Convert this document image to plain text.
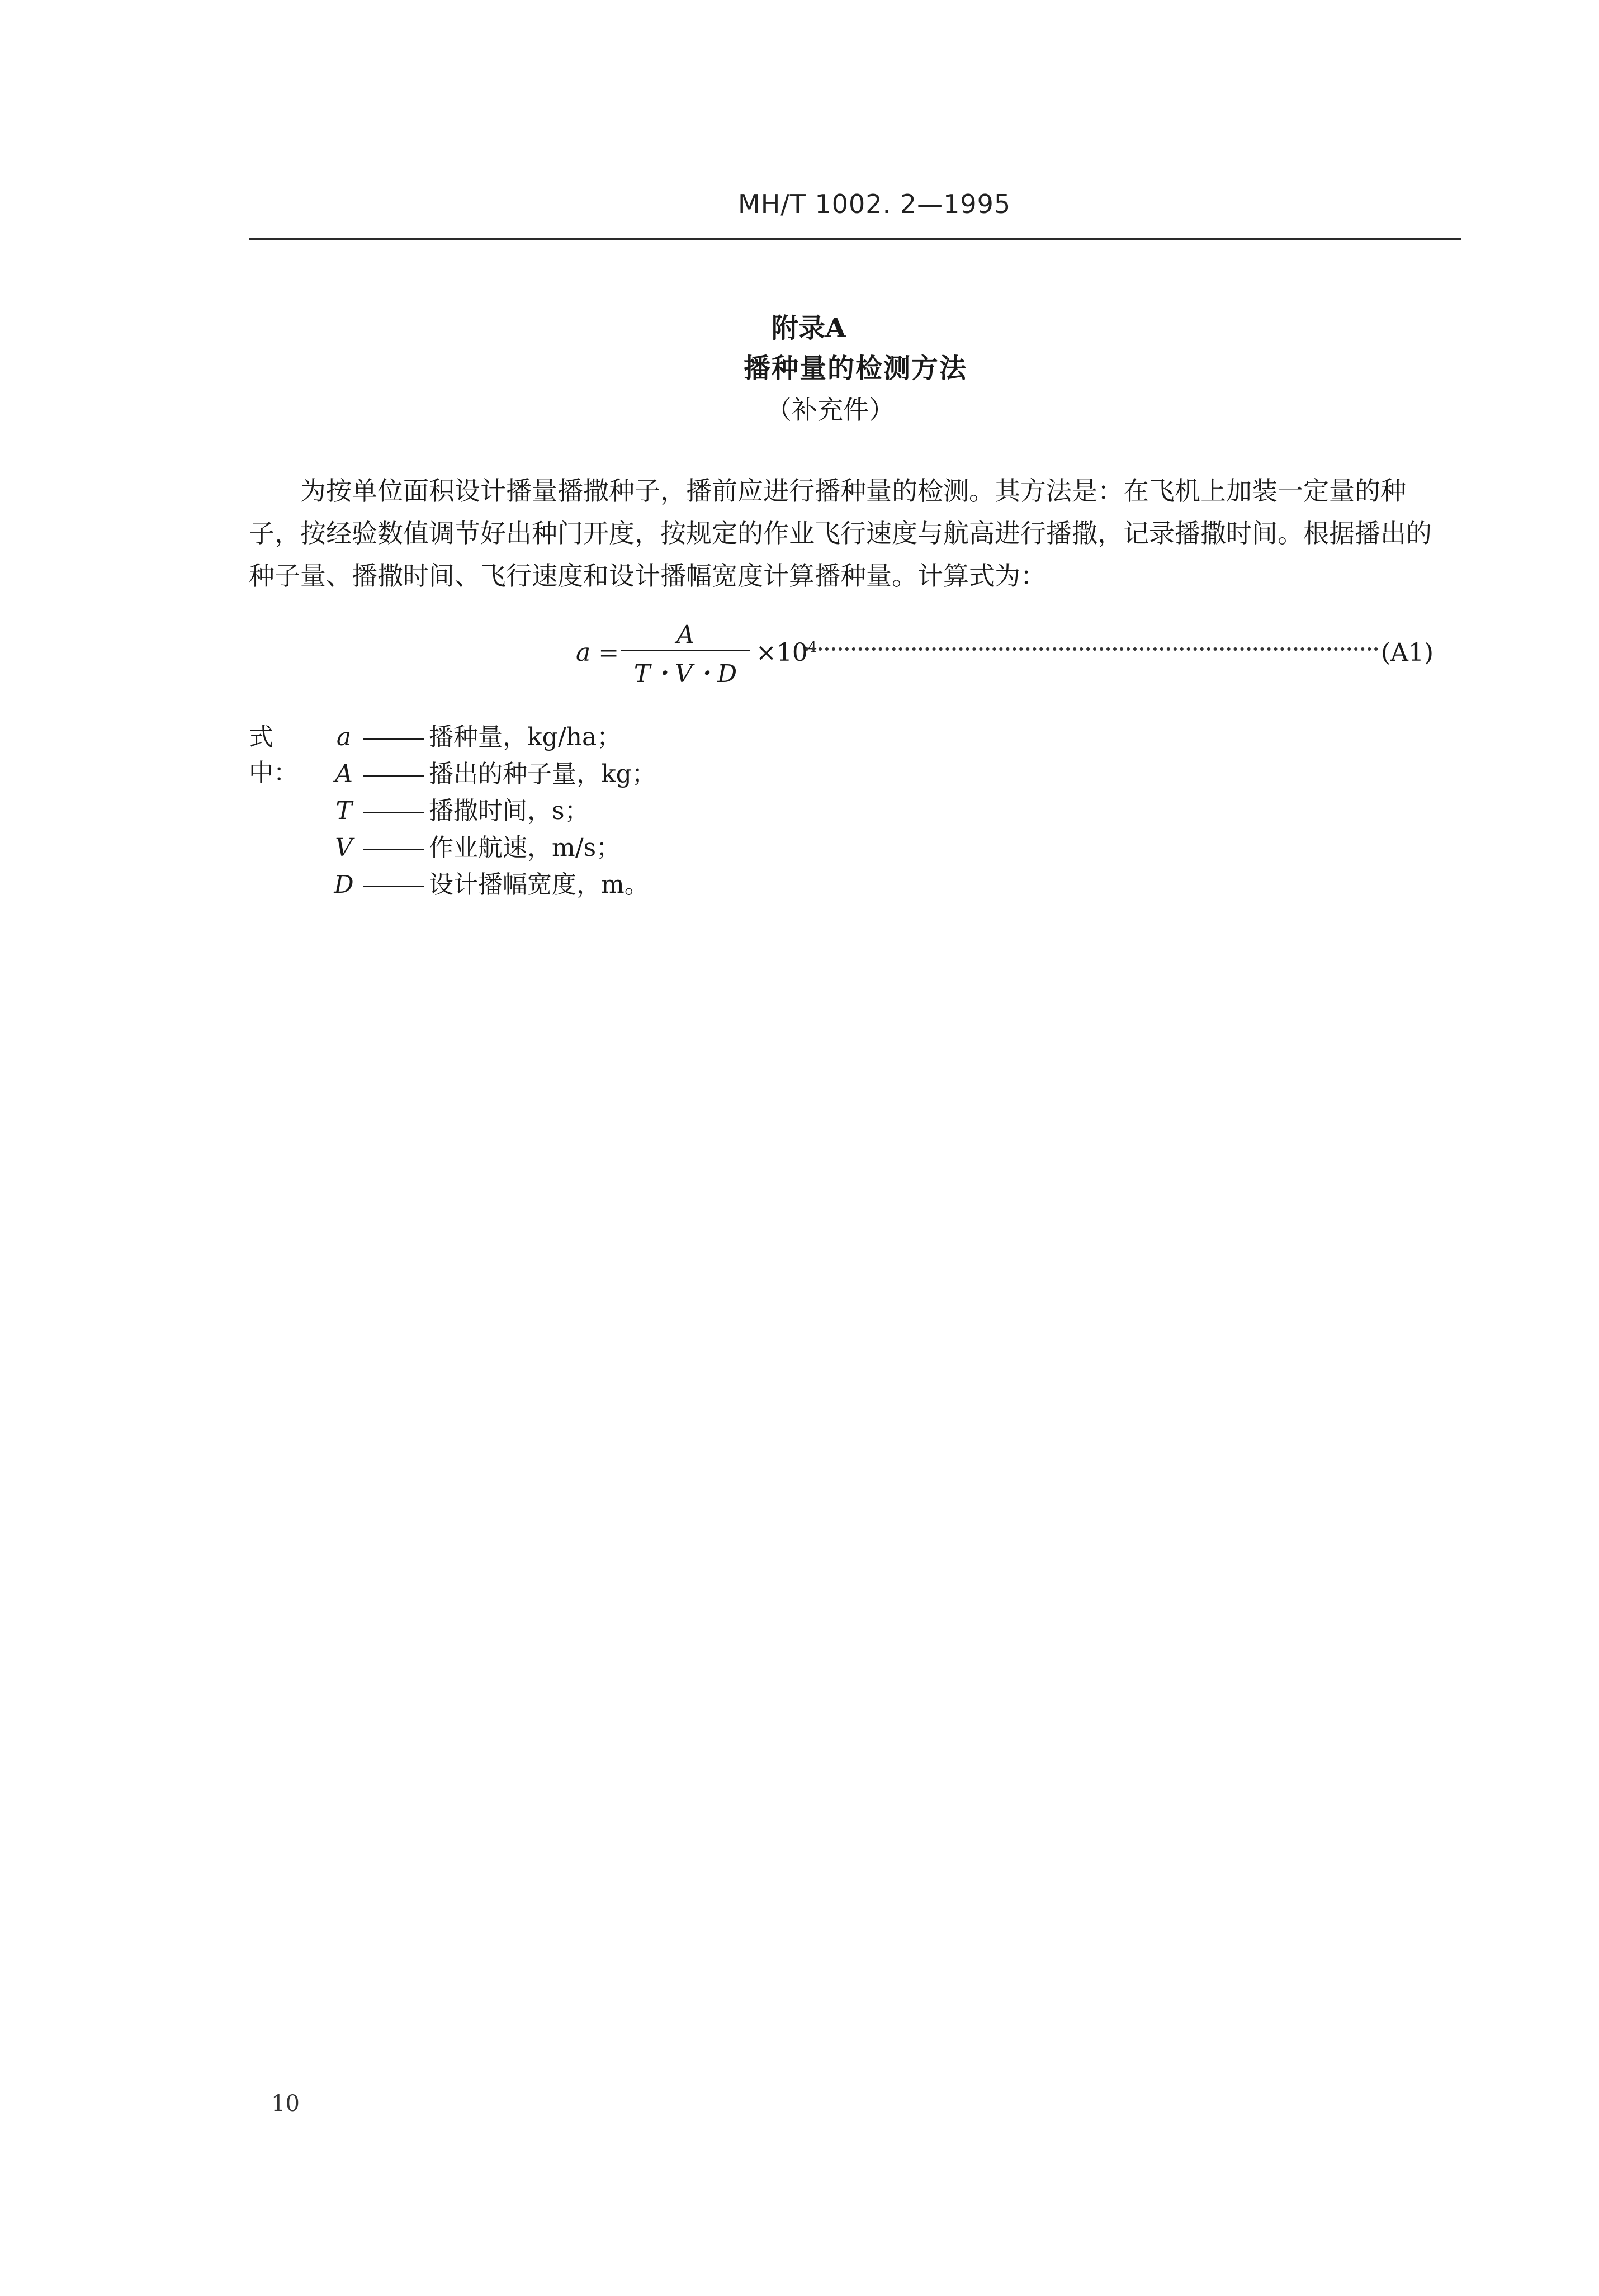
MH/T 1002. 2—1995
附录A
播种量的检测方法
（补充件）
为按单位面积设计播量播撒种子，播前应进行播种量的检测。其方法是：在飞机上加装一定量的种
子，按经验数值调节好出种门开度，按规定的作业飞行速度与航高进行播撒，记录播撒时间。根据播出的
种子量、播撒时间、飞行速度和设计播幅宽度计算播种量。计算式为：
a =
A
T・V・D
$\times 10^4$	(A1)
式中：
a	播种量，kg/ha；
A	播出的种子量，kg；
T	播撒时间，s；
V	作业航速，m/s；
D	设计播幅宽度，m。
10
